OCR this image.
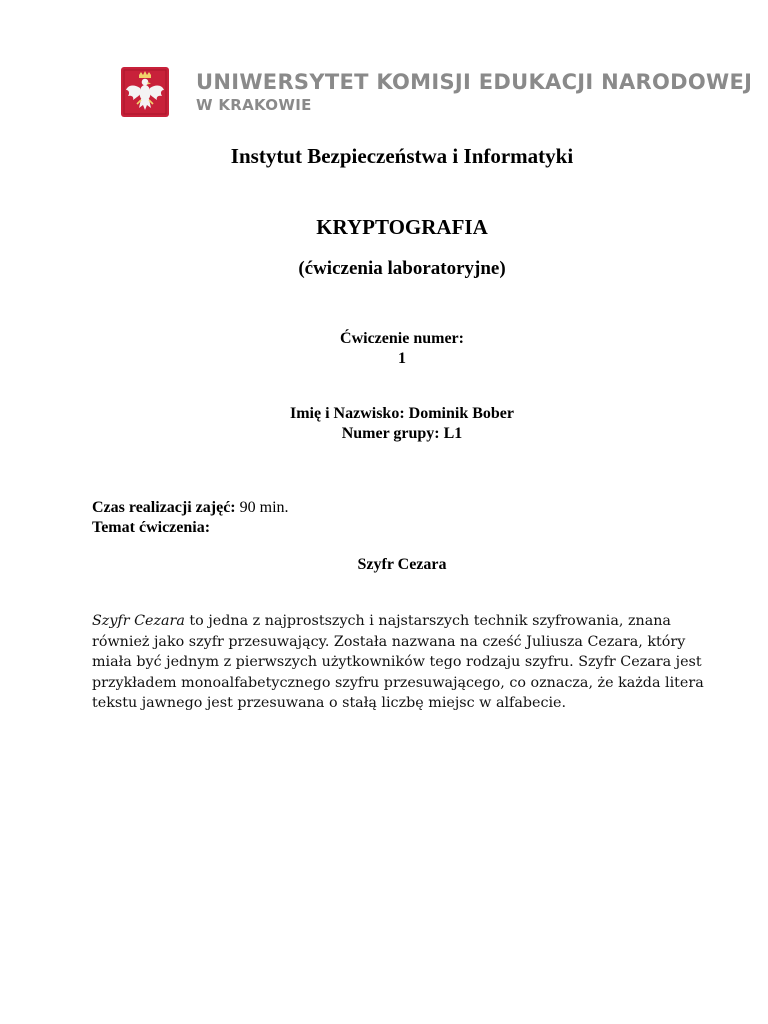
UNIWERSYTET KOMISJI EDUKACJI NARODOWEJ
W KRAKOWIE
Instytut Bezpieczeństwa i Informatyki
KRYPTOGRAFIA
(ćwiczenia laboratoryjne)
Ćwiczenie numer:
1
Imię i Nazwisko: Dominik Bober
Numer grupy: L1
Czas realizacji zajęć: 90 min.
Temat ćwiczenia:
Szyfr Cezara
Szyfr Cezara to jedna z najprostszych i najstarszych technik szyfrowania, znana również jako szyfr przesuwający. Została nazwana na cześć Juliusza Cezara, który miała być jednym z pierwszych użytkowników tego rodzaju szyfru. Szyfr Cezara jest przykładem monoalfabetycznego szyfru przesuwającego, co oznacza, że każda litera tekstu jawnego jest przesuwana o stałą liczbę miejsc w alfabecie.
